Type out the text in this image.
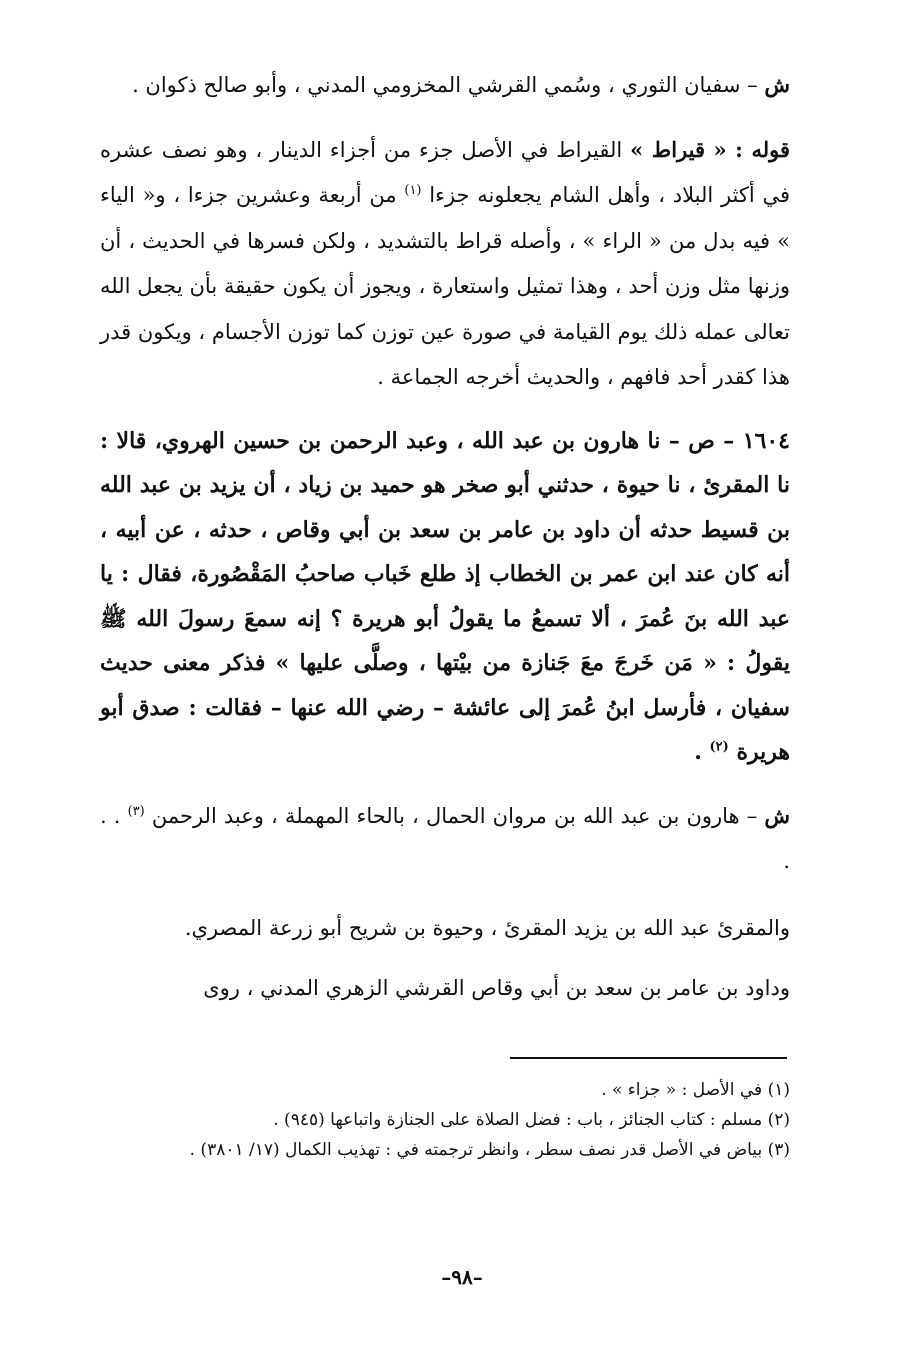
ش – سفيان الثوري ، وسُمي القرشي المخزومي المدني ، وأبو صالح ذكوان .

قوله : « قيراط » القيراط في الأصل جزء من أجزاء الدينار ، وهو نصف عشره في أكثر البلاد ، وأهل الشام يجعلونه جزءا $^{(١)}$ من أربعة وعشرين جزءا ، و« الياء » فيه بدل من « الراء » ، وأصله قراط بالتشديد ، ولكن فسرها في الحديث ، أن وزنها مثل وزن أحد ، وهذا تمثيل واستعارة ، ويجوز أن يكون حقيقة بأن يجعل الله تعالى عمله ذلك يوم القيامة في صورة عين توزن كما توزن الأجسام ، ويكون قدر هذا كقدر أحد فافهم ، والحديث أخرجه الجماعة .

١٦٠٤ – ص – نا هارون بن عبد الله ، وعبد الرحمن بن حسين الهروي، قالا : نا المقرئ ، نا حيوة ، حدثني أبو صخر هو حميد بن زياد ، أن يزيد بن عبد الله بن قسيط حدثه أن داود بن عامر بن سعد بن أبي وقاص ، حدثه ، عن أبيه ، أنه كان عند ابن عمر بن الخطاب إذ طلع خَباب صاحبُ المَقْصُورة، فقال : يا عبد الله بنَ عُمرَ ، ألا تسمعُ ما يقولُ أبو هريرة ؟ إنه سمعَ رسولَ الله ﷺ يقولُ : « مَن خَرجَ معَ جَنازة من بيْتها ، وصلَّى عليها » فذكر معنى حديث سفيان ، فأرسل ابنُ عُمرَ إلى عائشة – رضي الله عنها – فقالت : صدق أبو هريرة $^{(٢)}$ .

ش – هارون بن عبد الله بن مروان الحمال ، بالحاء المهملة ، وعبد الرحمن $^{(٣)}$ . . .

والمقرئ عبد الله بن يزيد المقرئ ، وحيوة بن شريح أبو زرعة المصري.

وداود بن عامر بن سعد بن أبي وقاص القرشي الزهري المدني ، روى

(١) في الأصل : « جزاء » .

(٢) مسلم : كتاب الجنائز ، باب : فضل الصلاة على الجنازة واتباعها (٩٤٥) .

(٣) بياض في الأصل قدر نصف سطر ، وانظر ترجمته في : تهذيب الكمال (١٧/ ٣٨٠١) .

–٩٨–
